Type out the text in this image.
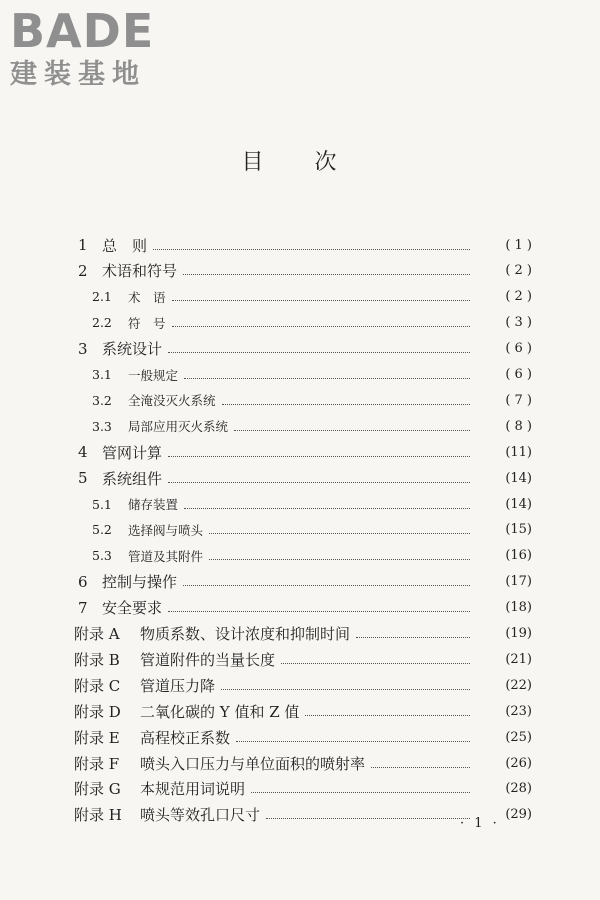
BADE
建装基地
目 次
1 总　则	( 1 )
2 术语和符号	( 2 )
2.1	术　语	( 2 )
2.2	符　号	( 3 )
3 系统设计	( 6 )
3.1	一般规定	( 6 )
3.2	全淹没灭火系统	( 7 )
3.3	局部应用灭火系统	( 8 )
4 管网计算	(11)
5 系统组件	(14)
5.1	储存装置	(14)
5.2	选择阀与喷头	(15)
5.3	管道及其附件	(16)
6 控制与操作	(17)
7 安全要求	(18)
附录 A	物质系数、设计浓度和抑制时间	(19)
附录 B	管道附件的当量长度	(21)
附录 C	管道压力降	(22)
附录 D	二氧化碳的 Y 值和 Z 值	(23)
附录 E	高程校正系数	(25)
附录 F	喷头入口压力与单位面积的喷射率	(26)
附录 G	本规范用词说明	(28)
附录 H	喷头等效孔口尺寸	(29)
· 1 ·
